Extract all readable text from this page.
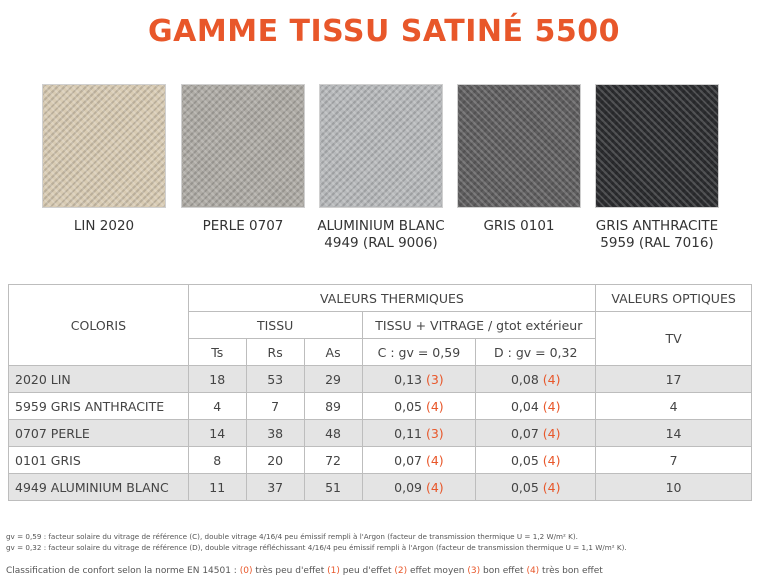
GAMME TISSU SATINÉ 5500
LIN 2020	PERLE 0707	ALUMINIUM BLANC
4949 (RAL 9006)
GRIS 0101	GRIS ANTHRACITE
5959 (RAL 7016)
COLORIS	VALEURS THERMIQUES					VALEURS OPTIQUES
	TISSU			TISSU + VITRAGE / gtot extérieur		TV
	Ts	Rs	As	C : gv = 0,59	D : gv = 0,32	
2020 LIN	18	53	29	0,13 (3)	0,08 (4)	17
5959 GRIS ANTHRACITE	4	7	89	0,05 (4)	0,04 (4)	4
0707 PERLE	14	38	48	0,11 (3)	0,07 (4)	14
0101 GRIS	8	20	72	0,07 (4)	0,05 (4)	7
4949 ALUMINIUM BLANC	11	37	51	0,09 (4)	0,05 (4)	10
gv = 0,59 : facteur solaire du vitrage de référence (C), double vitrage 4/16/4 peu émissif rempli à l'Argon (facteur de transmission thermique U = 1,2 W/m² K).
gv = 0,32 : facteur solaire du vitrage de référence (D), double vitrage réfléchissant 4/16/4 peu émissif rempli à l'Argon (facteur de transmission thermique U = 1,1 W/m² K).
Classification de confort selon la norme EN 14501 : (0) très peu d'effet (1) peu d'effet (2) effet moyen (3) bon effet (4) très bon effet
